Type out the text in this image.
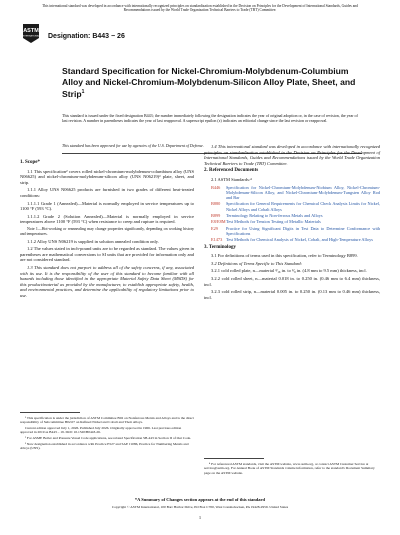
This international standard was developed in accordance with internationally recognized principles on standardization established in the Decision on Principles for the Development of International Standards, Guides and Recommendations issued by the World Trade Organization Technical Barriers to Trade (TBT) Committee.
ASTM
INTERNATIONAL Designation: B443 − 26
Standard Specification for Nickel-Chromium-Molybdenum-Columbium Alloy and Nickel-Chromium-Molybdenum-Silicon Alloy Plate, Sheet, and Strip$^1$
This standard is issued under the fixed designation B443; the number immediately following the designation indicates the year of original adoption or, in the case of revision, the year of last revision. A number in parentheses indicates the year of last reapproval. A superscript epsilon (ε) indicates an editorial change since the last revision or reapproval.
This standard has been approved for use by agencies of the U.S. Department of Defense.
1. Scope*

1.1 This specification² covers rolled nickel-chromium-molybdenum-columbium alloy (UNS N06625) and nickel-chromium-molybdenum-silicon alloy (UNS N06219)³ plate, sheet, and strip.

1.1.1 Alloy UNS N06625 products are furnished in two grades of different heat-treated conditions:

1.1.1.1 Grade 1 (Annealed)—Material is normally employed in service temperatures up to 1100 °F (593 °C).

1.1.1.2 Grade 2 (Solution Annealed)—Material is normally employed in service temperatures above 1100 °F (593 °C) when resistance to creep and rupture is required.

Note 1—Hot-working or reannealing may change properties significantly, depending on working history and temperatures.

1.1.2 Alloy UNS N06219 is supplied in solution annealed condition only.

1.2 The values stated in inch-pound units are to be regarded as standard. The values given in parentheses are mathematical conversions to SI units that are provided for information only and are not considered standard.

1.3 This standard does not purport to address all of the safety concerns, if any, associated with its use. It is the responsibility of the user of this standard to become familiar with all hazards including those identified in the appropriate Material Safety Data Sheet (MSDS) for this product/material as provided by the manufacturer, to establish appropriate safety, health, and environmental practices, and determine the applicability of regulatory limitations prior to use.

1.4 This international standard was developed in accordance with internationally recognized principles on standardization established in the Decision on Principles for the Development of International Standards, Guides and Recommendations issued by the World Trade Organization Technical Barriers to Trade (TBT) Committee.

2. Referenced Documents

2.1 ASTM Standards:⁴

B446	Specification for Nickel-Chromium-Molybdenum-Niobium Alloy, Nickel-Chromium-Molybdenum-Silicon Alloy, and Nickel-Chromium-Molybdenum-Tungsten Alloy Rod and Bar
B880	Specification for General Requirements for Chemical Check Analysis Limits for Nickel, Nickel Alloys and Cobalt Alloys
B899	Terminology Relating to Non-ferrous Metals and Alloys
E8/E8M Test Methods for Tension Testing of Metallic Materials
E29	Practice for Using Significant Digits in Test Data to Determine Conformance with Specifications
E1473 Test Methods for Chemical Analysis of Nickel, Cobalt, and High-Temperature Alloys
3. Terminology

3.1 For definitions of terms used in this specification, refer to Terminology B899.

3.2 Definitions of Terms Specific to This Standard:

3.2.1 cold rolled plate, n—material ³⁄₁₆ in. to ³⁄₈ in. (4.8 mm to 9.5 mm) thickness, incl.

3.2.2 cold rolled sheet, n—material 0.018 in. to 0.250 in. (0.46 mm to 6.4 mm) thickness, incl.

3.2.3 cold rolled strip, n—material 0.005 in. to 0.250 in. (0.13 mm to 0.46 mm) thickness, incl.

¹ This specification is under the jurisdiction of ASTM Committee B02 on Nonferrous Metals and Alloys and is the direct responsibility of Subcommittee B02.07 on Refined Nickel and Cobalt and Their Alloys.

Current edition approved July 1, 2026. Published July 2026. Originally approved in 1966. Last previous edition approved in 2019 as B443 – 19. DOI: 10.1520/B0443-26.

² For ASME Boiler and Pressure Vessel Code applications, see related Specification SB-443 in Section II of that Code.

³ New designation established in accordance with Practice E527 and SAE J1086, Practice for Numbering Metals and Alloys (UNS).

⁴ For referenced ASTM standards, visit the ASTM website, www.astm.org, or contact ASTM Customer Service at service@astm.org. For Annual Book of ASTM Standards volume information, refer to the standard's Document Summary page on the ASTM website.

*A Summary of Changes section appears at the end of this standard
Copyright © ASTM International, 100 Barr Harbor Drive, PO Box C700, West Conshohocken, PA 19428-2959. United States
1
